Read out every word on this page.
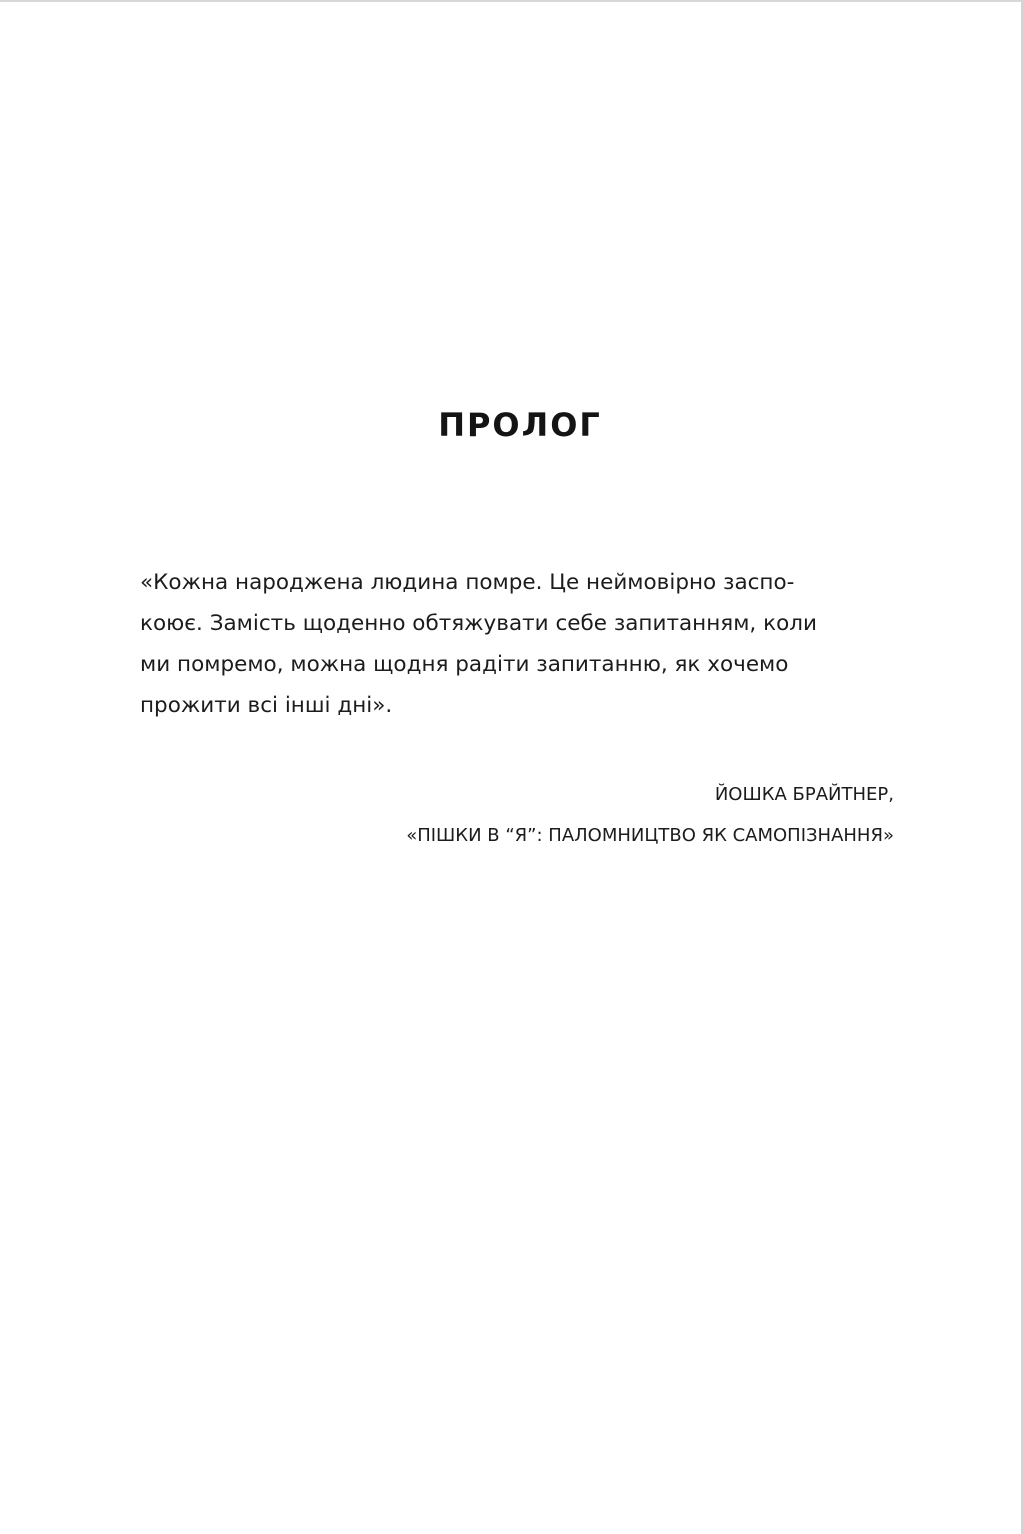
ПРОЛОГ

«Кожна народжена людина помре. Це неймовірно заспо-
коює. Замість щоденно обтяжувати себе запитанням, коли
ми помремо, можна щодня радіти запитанню, як хочемо
прожити всі інші дні».

ЙОШКА БРАЙТНЕР,
«ПІШКИ В “Я”: ПАЛОМНИЦТВО ЯК САМОПІЗНАННЯ»
